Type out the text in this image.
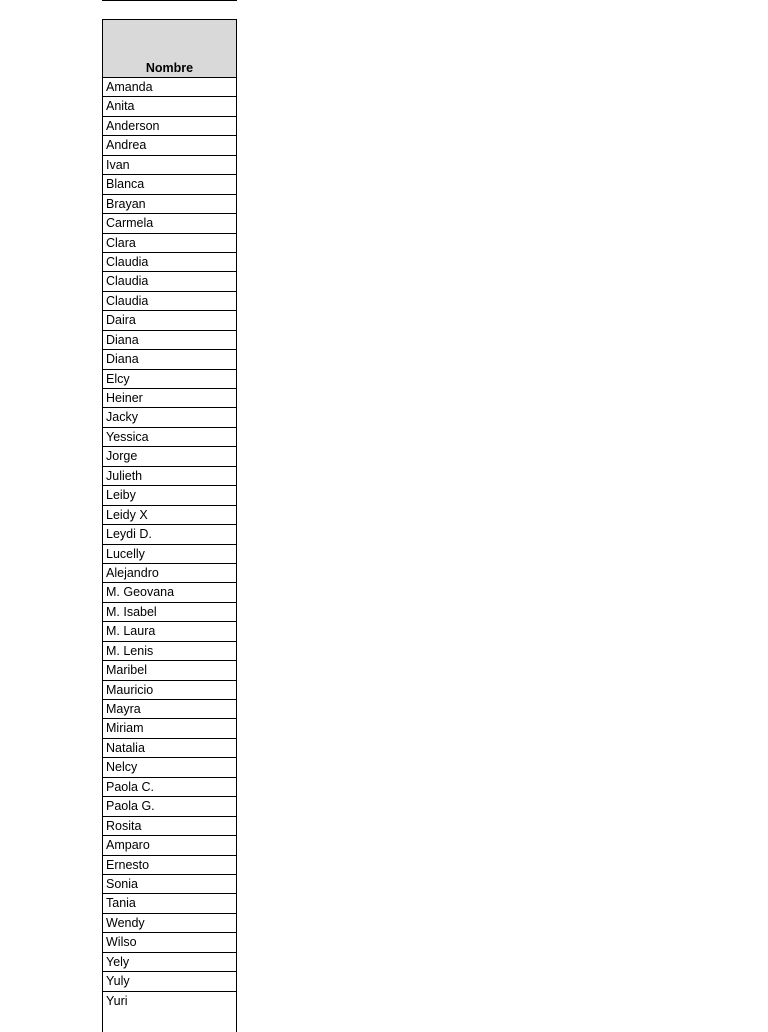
Nombre
Amanda
Anita
Anderson
Andrea
Ivan
Blanca
Brayan
Carmela
Clara
Claudia
Claudia
Claudia
Daira
Diana
Diana
Elcy
Heiner
Jacky
Yessica
Jorge
Julieth
Leiby
Leidy X
Leydi D.
Lucelly
Alejandro
M. Geovana
M. Isabel
M. Laura
M. Lenis
Maribel
Mauricio
Mayra
Miriam
Natalia
Nelcy
Paola C.
Paola G.
Rosita
Amparo
Ernesto
Sonia
Tania
Wendy
Wilso
Yely
Yuly
Yuri
